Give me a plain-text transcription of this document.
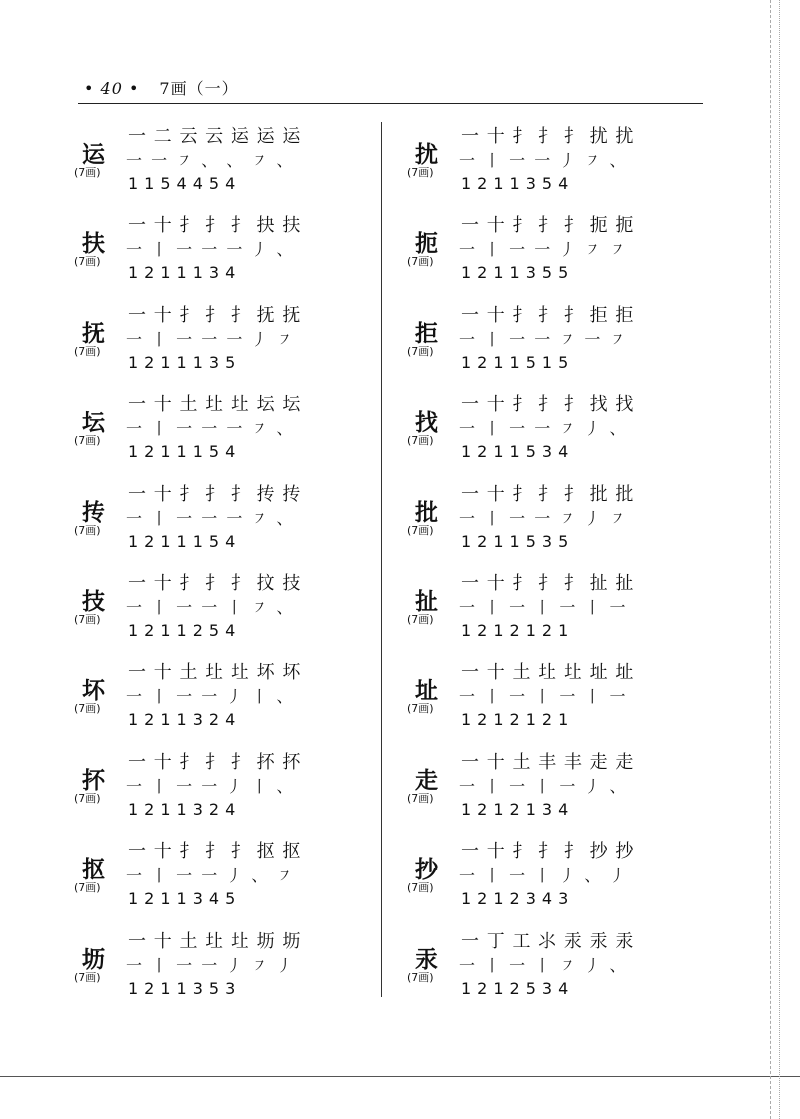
• 40 • 7画（一）
运
(7画)
一 二 云 云 运 运 运
一 一 ㇇ 、 、 ㇇ 、
1154454
扶
(7画)
一 十 扌 扌 扌 抉 扶
一 丨 一 一 一 丿 、
1211134
抚
(7画)
一 十 扌 扌 扌 抚 抚
一 丨 一 一 一 丿 ㇇
1211135
坛
(7画)
一 十 土 圵 圵 坛 坛
一 丨 一 一 一 ㇇ 、
1211154
抟
(7画)
一 十 扌 扌 扌 抟 抟
一 丨 一 一 一 ㇇ 、
1211154
技
(7画)
一 十 扌 扌 扌 抆 技
一 丨 一 一 丨 ㇇ 、
1211254
坏
(7画)
一 十 土 圵 圵 坏 坏
一 丨 一 一 丿 丨 、
1211324
抔
(7画)
一 十 扌 扌 扌 抔 抔
一 丨 一 一 丿 丨 、
1211324
抠
(7画)
一 十 扌 扌 扌 抠 抠
一 丨 一 一 丿 、 ㇇
1211345
坜
(7画)
一 十 土 圵 圵 坜 坜
一 丨 一 一 丿 ㇇ 丿
1211353
扰
(7画)
一 十 扌 扌 扌 扰 扰
一 丨 一 一 丿 ㇇ 、
1211354
扼
(7画)
一 十 扌 扌 扌 扼 扼
一 丨 一 一 丿 ㇇ ㇇
1211355
拒
(7画)
一 十 扌 扌 扌 拒 拒
一 丨 一 一 ㇇ 一 ㇇
1211515
找
(7画)
一 十 扌 扌 扌 找 找
一 丨 一 一 ㇇ 丿 、
1211534
批
(7画)
一 十 扌 扌 扌 批 批
一 丨 一 一 ㇇ 丿 ㇇
1211535
扯
(7画)
一 十 扌 扌 扌 扯 扯
一 丨 一 丨 一 丨 一
1212121
址
(7画)
一 十 土 圵 圵 址 址
一 丨 一 丨 一 丨 一
1212121
走
(7画)
一 十 土 丰 丰 走 走
一 丨 一 丨 一 丿 、
1212134
抄
(7画)
一 十 扌 扌 扌 抄 抄
一 丨 一 丨 丿 、 丿
1212343
汞
(7画)
一 丁 工 ⺢ 汞 汞 汞
一 丨 一 丨 ㇇ 丿 、
1212534
